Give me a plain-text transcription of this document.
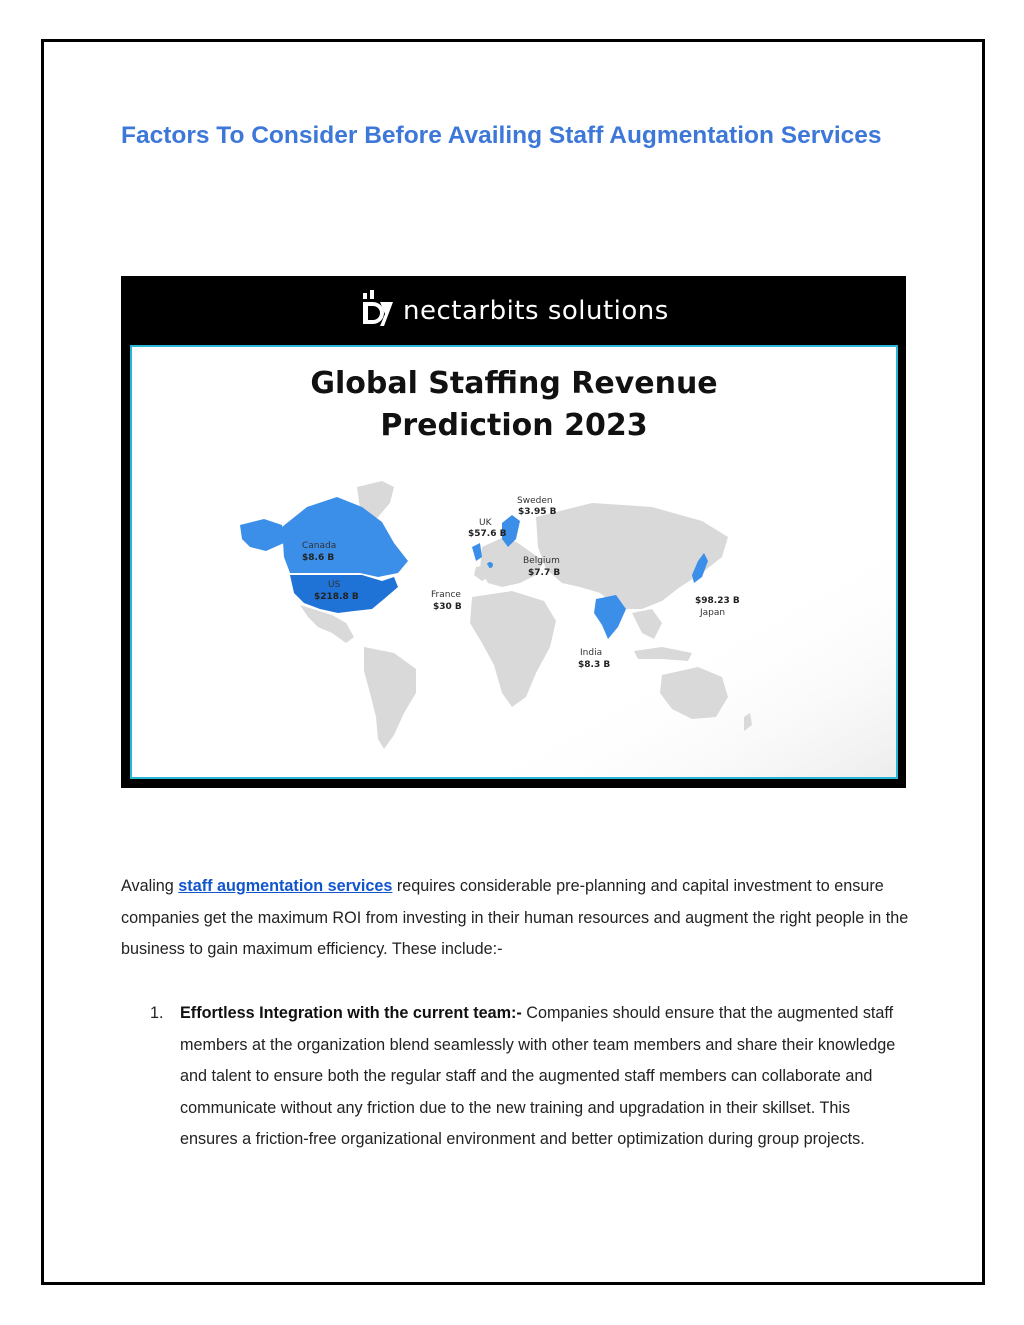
Factors To Consider Before Availing Staff Augmentation Services
nectarbits solutions
Sweden
$3.95 B
UK
$57.6 B
Canada
$8.6 B
US
$218.8 B
Belgium
$7.7 B
France
$30 B
Japan
$98.23 B
India
$8.3 B

Avaling staff augmentation services requires considerable pre-planning and capital investment to ensure companies get the maximum ROI from investing in their human resources and augment the right people in the business to gain maximum efficiency. These include:-

1. Effortless Integration with the current team:- Companies should ensure that the augmented staff members at the organization blend seamlessly with other team members and share their knowledge and talent to ensure both the regular staff and the augmented staff members can collaborate and communicate without any friction due to the new training and upgradation in their skillset. This ensures a friction-free organizational environment and better optimization during group projects.
